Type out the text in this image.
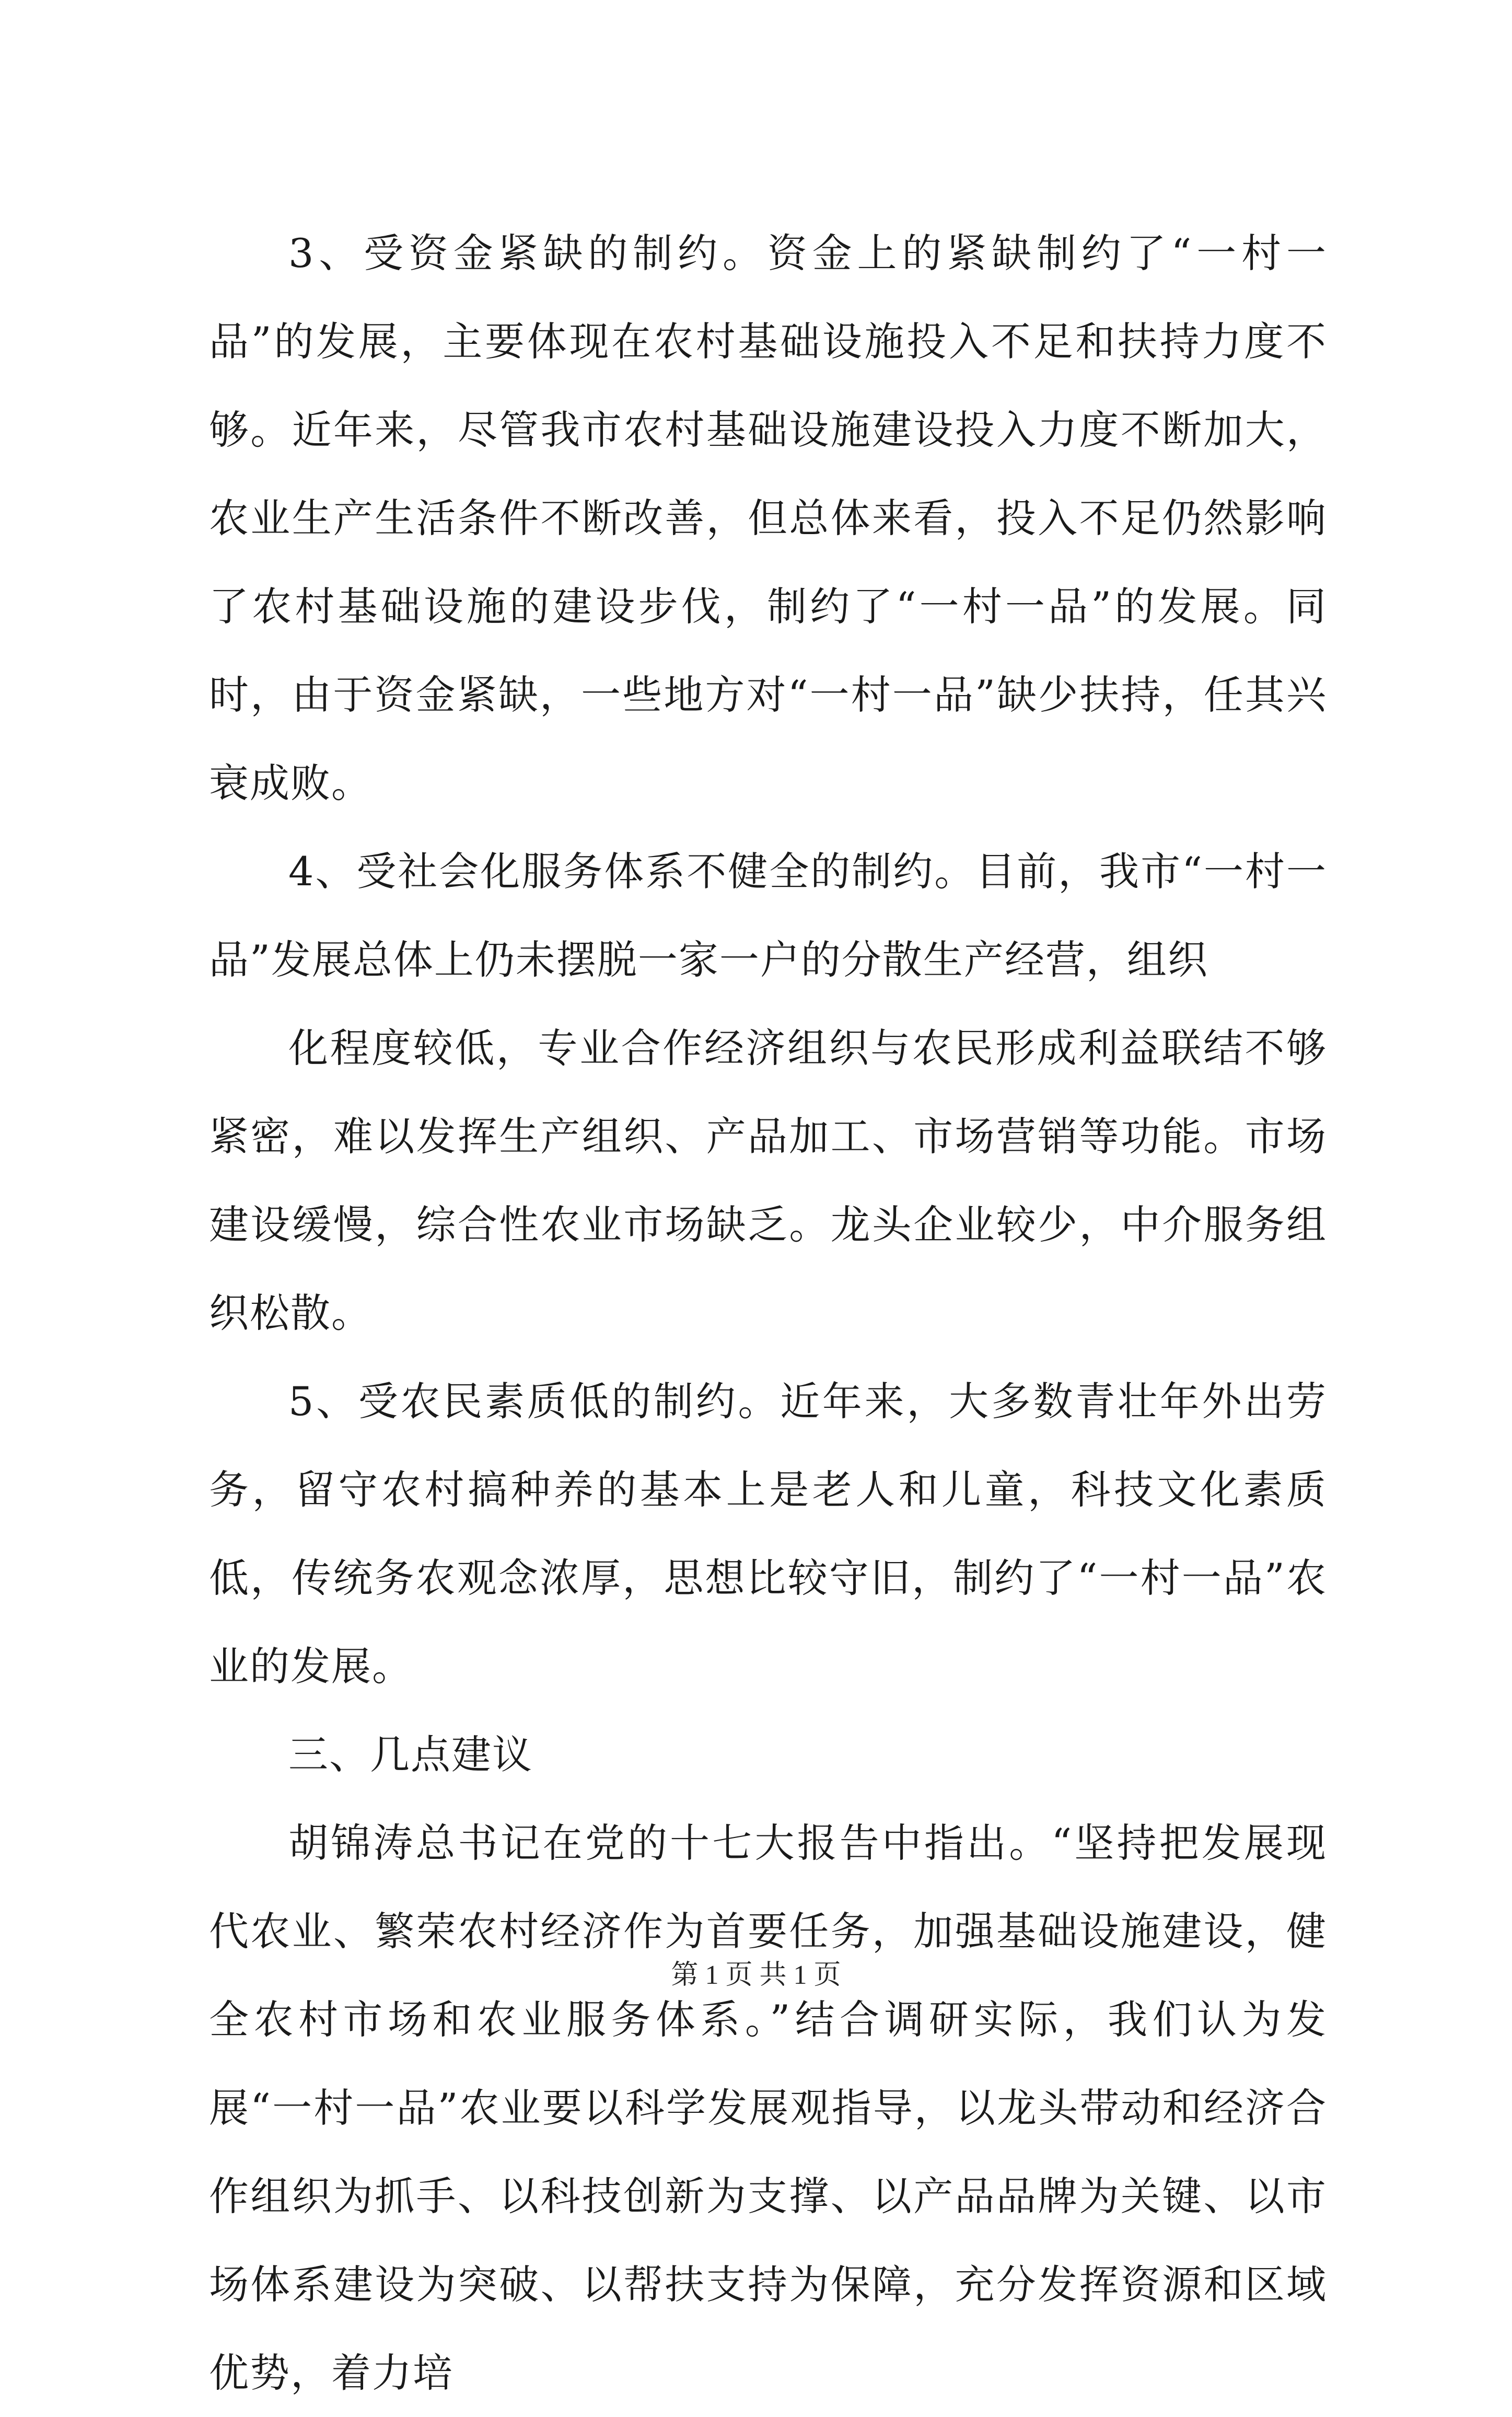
3、受资金紧缺的制约。资金上的紧缺制约了“一村一品”的发展，主要体现在农村基础设施投入不足和扶持力度不够。近年来，尽管我市农村基础设施建设投入力度不断加大，农业生产生活条件不断改善，但总体来看，投入不足仍然影响了农村基础设施的建设步伐，制约了“一村一品”的发展。同时，由于资金紧缺，一些地方对“一村一品”缺少扶持，任其兴衰成败。

4、受社会化服务体系不健全的制约。目前，我市“一村一品”发展总体上仍未摆脱一家一户的分散生产经营，组织

化程度较低，专业合作经济组织与农民形成利益联结不够紧密，难以发挥生产组织、产品加工、市场营销等功能。市场建设缓慢，综合性农业市场缺乏。龙头企业较少，中介服务组织松散。

5、受农民素质低的制约。近年来，大多数青壮年外出劳务，留守农村搞种养的基本上是老人和儿童，科技文化素质低，传统务农观念浓厚，思想比较守旧，制约了“一村一品”农业的发展。

三、几点建议

胡锦涛总书记在党的十七大报告中指出。“坚持把发展现代农业、繁荣农村经济作为首要任务，加强基础设施建设，健全农村市场和农业服务体系。”结合调研实际，我们认为发展“一村一品”农业要以科学发展观指导，以龙头带动和经济合作组织为抓手、以科技创新为支撑、以产品品牌为关键、以市场体系建设为突破、以帮扶支持为保障，充分发挥资源和区域优势，着力培

第 1 页 共 1 页
